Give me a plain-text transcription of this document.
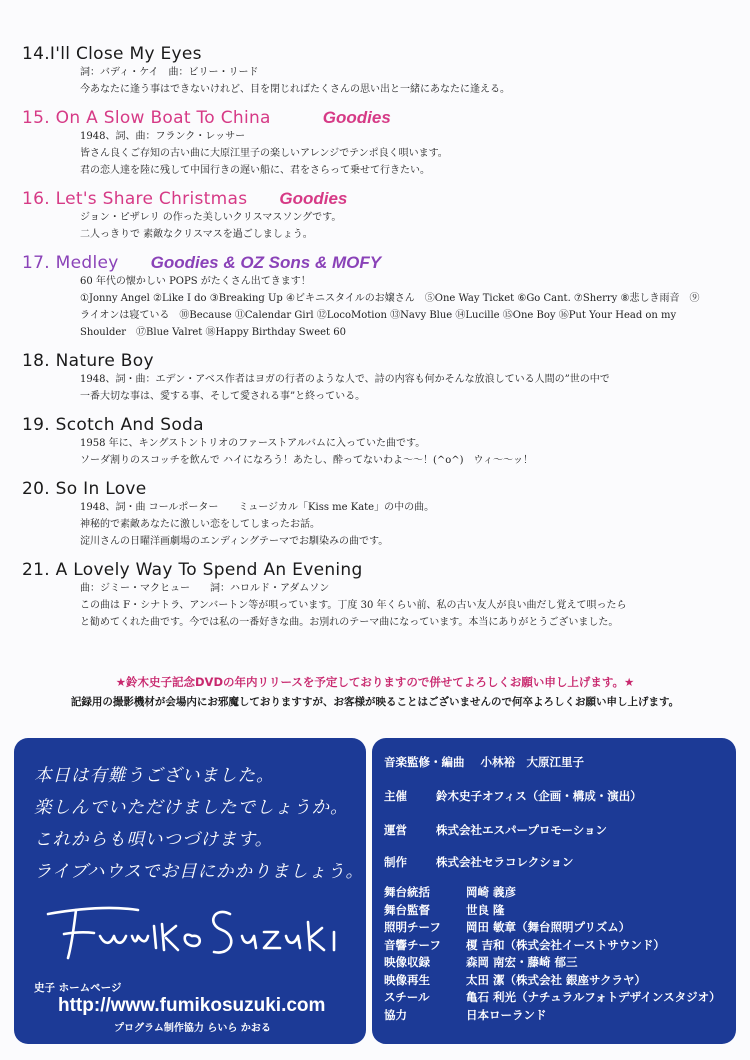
14.I'll Close My Eyes
詞：バディ・ケイ　曲：ビリー・リード
今あなたに逢う事はできないけれど、目を閉じればたくさんの思い出と一緒にあなたに逢える。
15. On A Slow Boat To China	Goodies
1948、詞、曲：フランク・レッサー
皆さん良くご存知の古い曲に大原江里子の楽しいアレンジでテンポ良く唄います。
君の恋人達を陸に残して中国行きの遅い船に、君をさらって乗せて行きたい。
16. Let's Share Christmas Goodies
ジョン・ピザレリ の作った美しいクリスマスソングです。
二人っきりで 素敵なクリスマスを過ごしましょう。
17. Medley Goodies & OZ Sons & MOFY
60 年代の懐かしい POPS がたくさん出てきます！
①Jonny Angel ②Like I do ③Breaking Up ④ビキニスタイルのお嬢さん　⑤One Way Ticket ⑥Go Cant. ⑦Sherry ⑧悲しき雨音　⑨ライオンは寝ている　⑩Because ⑪Calendar Girl ⑫LocoMotion ⑬Navy Blue ⑭Lucille ⑮One Boy ⑯Put Your Head on my Shoulder　⑰Blue Valret ⑱Happy Birthday Sweet 60
18. Nature Boy
1948、詞・曲：エデン・アベス作者はヨガの行者のような人で、詩の内容も何かそんな放浪している人間の”世の中で
一番大切な事は、愛する事、そして愛される事”と終っている。
19. Scotch And Soda
1958 年に、キングストントリオのファーストアルバムに入っていた曲です。
ソーダ割りのスコッチを飲んで ハイになろう！あたし、酔ってないわよ〜〜！(^o^)　ウィ〜〜ッ！
20. So In Love
1948、詞・曲 コールポーター　　ミュージカル「Kiss me Kate」の中の曲。
神秘的で素敵あなたに激しい恋をしてしまったお話。
淀川さんの日曜洋画劇場のエンディングテーマでお馴染みの曲です。
21. A Lovely Way To Spend An Evening
曲：ジミー・マクヒュー　　詞：ハロルド・アダムソン
この曲は F・シナトラ、アンバートン等が唄っています。丁度 30 年くらい前、私の古い友人が良い曲だし覚えて唄ったら
と勧めてくれた曲です。今では私の一番好きな曲。お別れのテーマ曲になっています。本当にありがとうございました。
★鈴木史子記念DVDの年内リリースを予定しておりますので併せてよろしくお願い申し上げます。★
記録用の撮影機材が会場内にお邪魔しておりますすが、お客様が映ることはございませんので何卒よろしくお願い申し上げます。
本日は有難うございました。
楽しんでいただけましたでしょうか。
これからも唄いつづけます。
ライブハウスでお目にかかりましょう。
史子 ホームページ
http://www.fumikosuzuki.com
プログラム制作協力 らいら かおる
音楽監修・編曲 小林裕　大原江里子
主催	鈴木史子オフィス（企画・構成・演出）
運営	株式会社エスパープロモーション
制作	株式会社セラコレクション
舞台統括	岡崎 義彦
舞台監督	世良 隆
照明チーフ	岡田 敏章（舞台照明プリズム）
音響チーフ	榎 吉和（株式会社イーストサウンド）
映像収録	森岡 南宏・藤崎 郁三
映像再生	太田 潔（株式会社 銀座サクラヤ）
スチール	亀石 利光（ナチュラルフォトデザインスタジオ）
協力	日本ローランド
